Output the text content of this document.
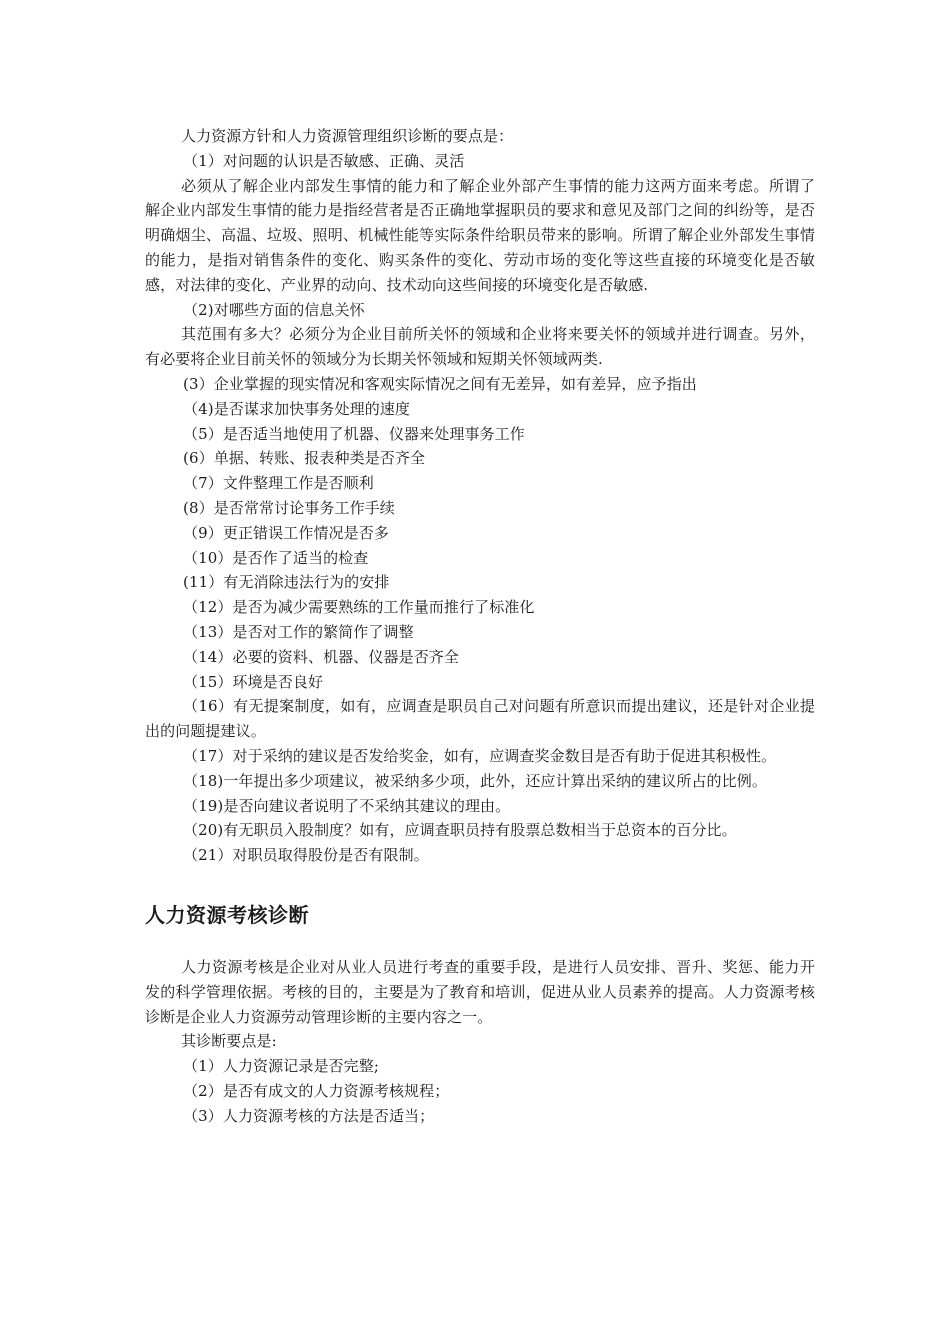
人力资源方针和人力资源管理组织诊断的要点是：

（1）对问题的认识是否敏感、正确、灵活

必须从了解企业内部发生事情的能力和了解企业外部产生事情的能力这两方面来考虑。所谓了解企业内部发生事情的能力是指经营者是否正确地掌握职员的要求和意见及部门之间的纠纷等，是否明确烟尘、高温、垃圾、照明、机械性能等实际条件给职员带来的影响。所谓了解企业外部发生事情的能力，是指对销售条件的变化、购买条件的变化、劳动市场的变化等这些直接的环境变化是否敏感，对法律的变化、产业界的动向、技术动向这些间接的环境变化是否敏感.

（2)对哪些方面的信息关怀

其范围有多大？必须分为企业目前所关怀的领域和企业将来要关怀的领域并进行调查。另外，有必要将企业目前关怀的领域分为长期关怀领域和短期关怀领域两类.

(3）企业掌握的现实情况和客观实际情况之间有无差异，如有差异，应予指出

（4)是否谋求加快事务处理的速度

（5）是否适当地使用了机器、仪器来处理事务工作

(6）单据、转账、报表种类是否齐全

（7）文件整理工作是否顺利

(8）是否常常讨论事务工作手续

（9）更正错误工作情况是否多

（10）是否作了适当的检查

(11）有无消除违法行为的安排

（12）是否为减少需要熟练的工作量而推行了标准化

（13）是否对工作的繁简作了调整

（14）必要的资料、机器、仪器是否齐全

（15）环境是否良好

（16）有无提案制度，如有，应调查是职员自己对问题有所意识而提出建议，还是针对企业提出的问题提建议。

（17）对于采纳的建议是否发给奖金，如有，应调查奖金数目是否有助于促进其积极性。

（18)一年提出多少项建议，被采纳多少项，此外，还应计算出采纳的建议所占的比例。

（19)是否向建议者说明了不采纳其建议的理由。

（20)有无职员入股制度？如有，应调查职员持有股票总数相当于总资本的百分比。

（21）对职员取得股份是否有限制。

人力资源考核诊断

人力资源考核是企业对从业人员进行考查的重要手段，是进行人员安排、晋升、奖惩、能力开发的科学管理依据。考核的目的，主要是为了教育和培训，促进从业人员素养的提高。人力资源考核诊断是企业人力资源劳动管理诊断的主要内容之一。

其诊断要点是:

（1）人力资源记录是否完整;

（2）是否有成文的人力资源考核规程；

（3）人力资源考核的方法是否适当；
